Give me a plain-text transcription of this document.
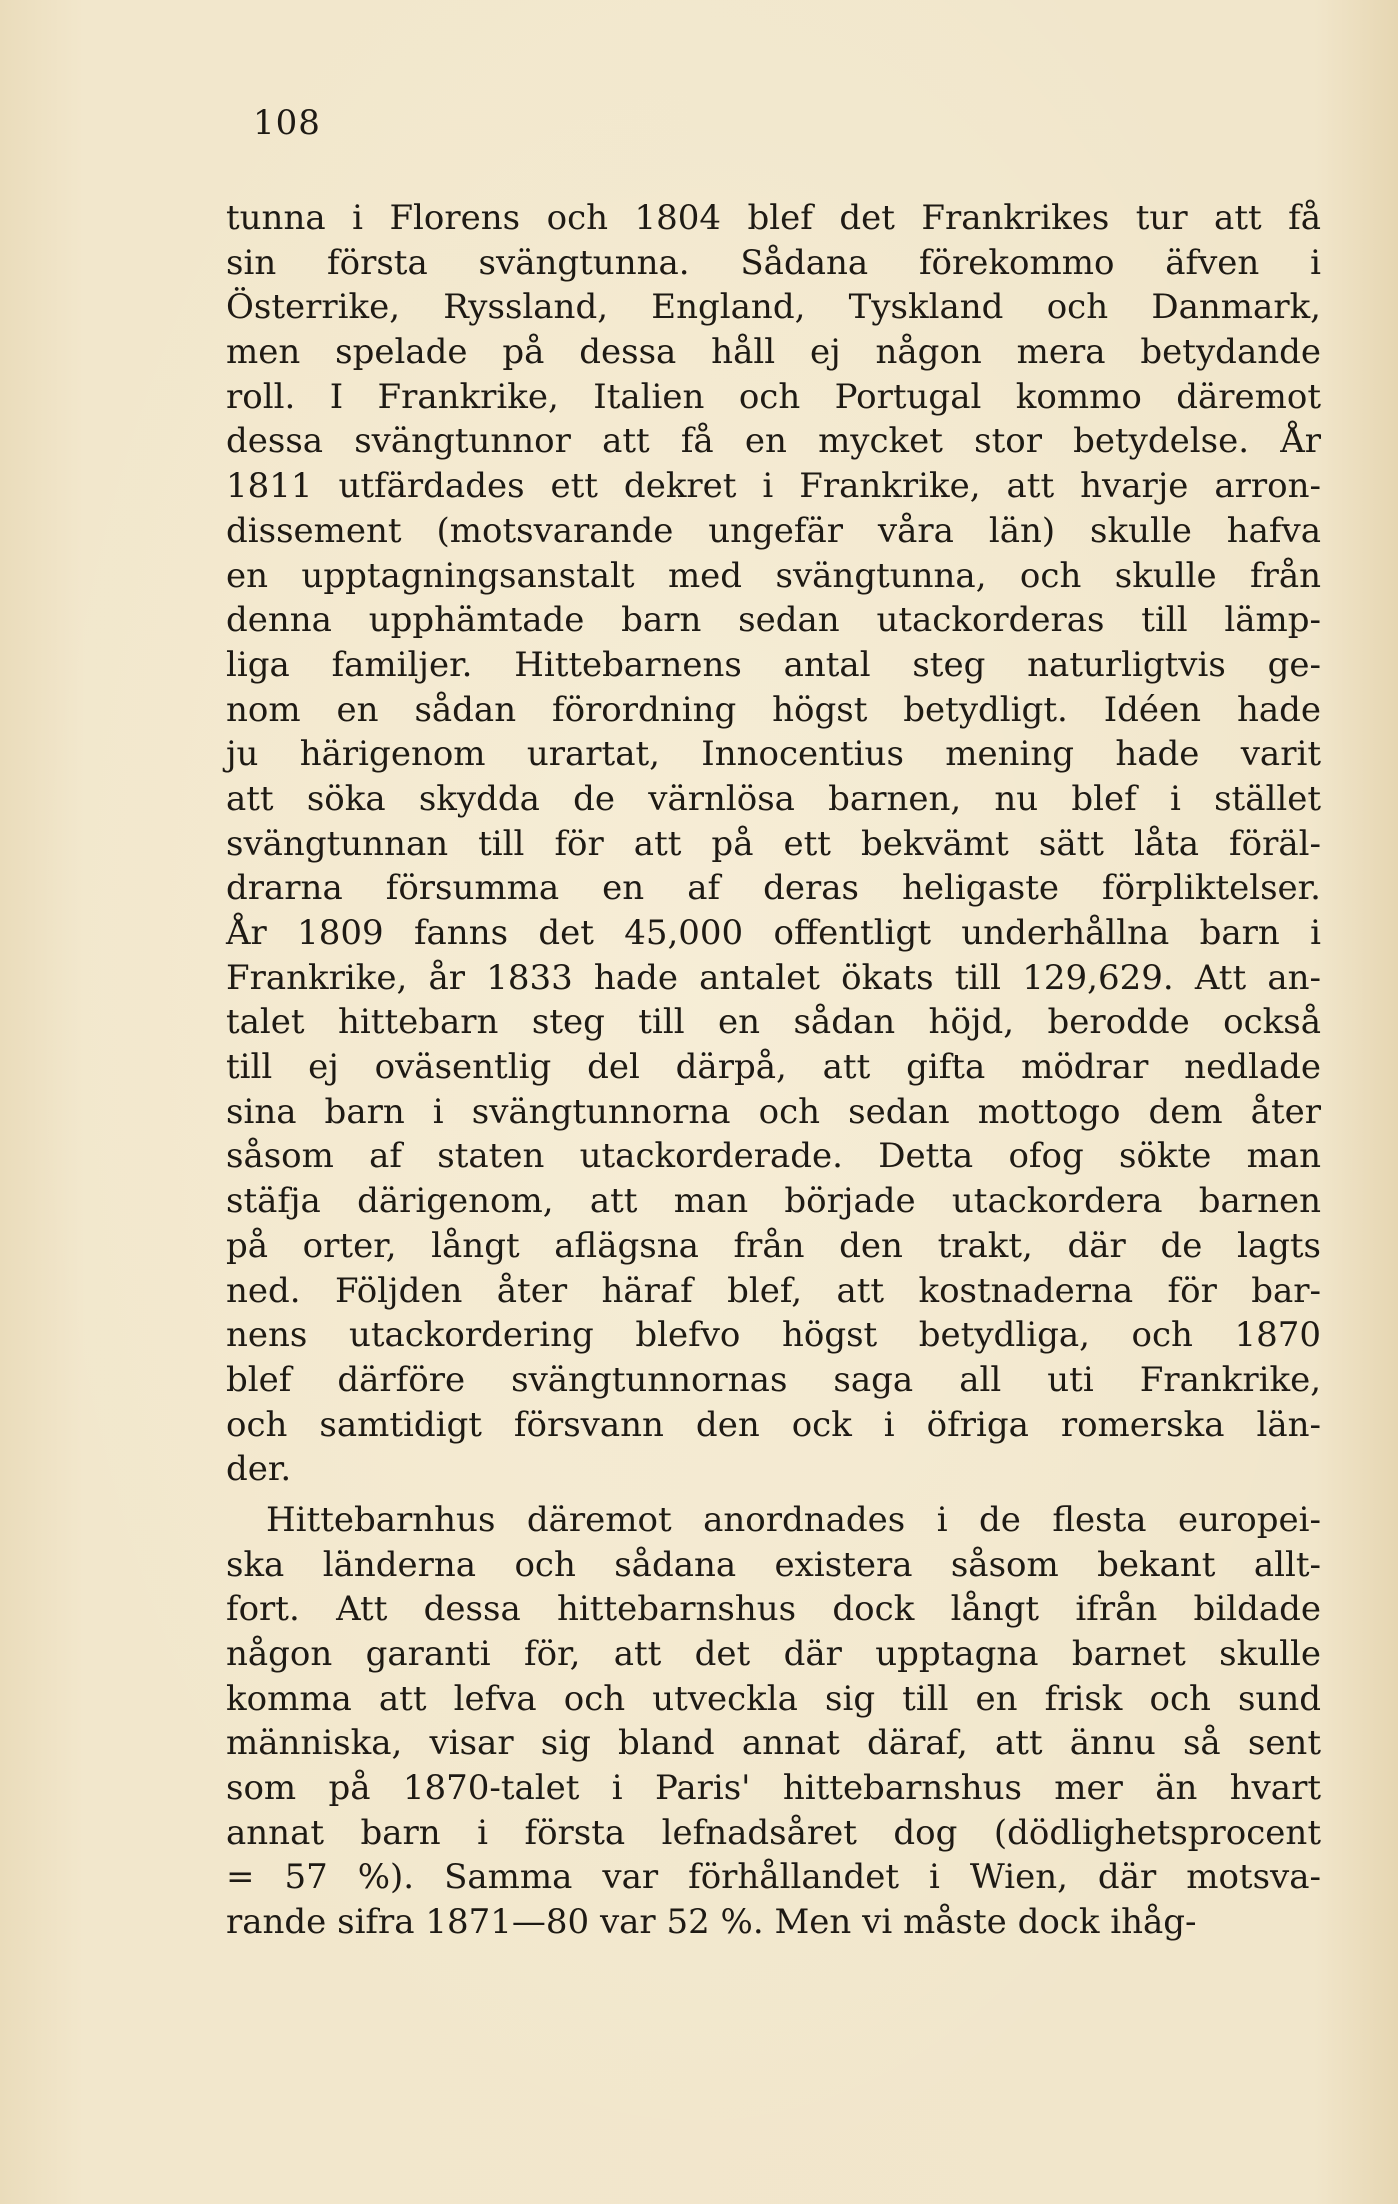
108
tunna i Florens och 1804 blef det Frankrikes tur att få
sin första svängtunna. Sådana förekommo äfven i
Österrike, Ryssland, England, Tyskland och Danmark,
men spelade på dessa håll ej någon mera betydande
roll. I Frankrike, Italien och Portugal kommo däremot
dessa svängtunnor att få en mycket stor betydelse. År
1811 utfärdades ett dekret i Frankrike, att hvarje arron-
dissement (motsvarande ungefär våra län) skulle hafva
en upptagningsanstalt med svängtunna, och skulle från
denna upphämtade barn sedan utackorderas till lämp-
liga familjer. Hittebarnens antal steg naturligtvis ge-
nom en sådan förordning högst betydligt. Idéen hade
ju härigenom urartat, Innocentius mening hade varit
att söka skydda de värnlösa barnen, nu blef i stället
svängtunnan till för att på ett bekvämt sätt låta föräl-
drarna försumma en af deras heligaste förpliktelser.
År 1809 fanns det 45,000 offentligt underhållna barn i
Frankrike, år 1833 hade antalet ökats till 129,629. Att an-
talet hittebarn steg till en sådan höjd, berodde också
till ej oväsentlig del därpå, att gifta mödrar nedlade
sina barn i svängtunnorna och sedan mottogo dem åter
såsom af staten utackorderade. Detta ofog sökte man
stäfja därigenom, att man började utackordera barnen
på orter, långt aflägsna från den trakt, där de lagts
ned. Följden åter häraf blef, att kostnaderna för bar-
nens utackordering blefvo högst betydliga, och 1870
blef därföre svängtunnornas saga all uti Frankrike,
och samtidigt försvann den ock i öfriga romerska län-
der.
Hittebarnhus däremot anordnades i de flesta europei-
ska länderna och sådana existera såsom bekant allt-
fort. Att dessa hittebarnshus dock långt ifrån bildade
någon garanti för, att det där upptagna barnet skulle
komma att lefva och utveckla sig till en frisk och sund
människa, visar sig bland annat däraf, att ännu så sent
som på 1870-talet i Paris' hittebarnshus mer än hvart
annat barn i första lefnadsåret dog (dödlighetsprocent
= 57 %). Samma var förhållandet i Wien, där motsva-
rande sifra 1871—80 var 52 %. Men vi måste dock ihåg-
